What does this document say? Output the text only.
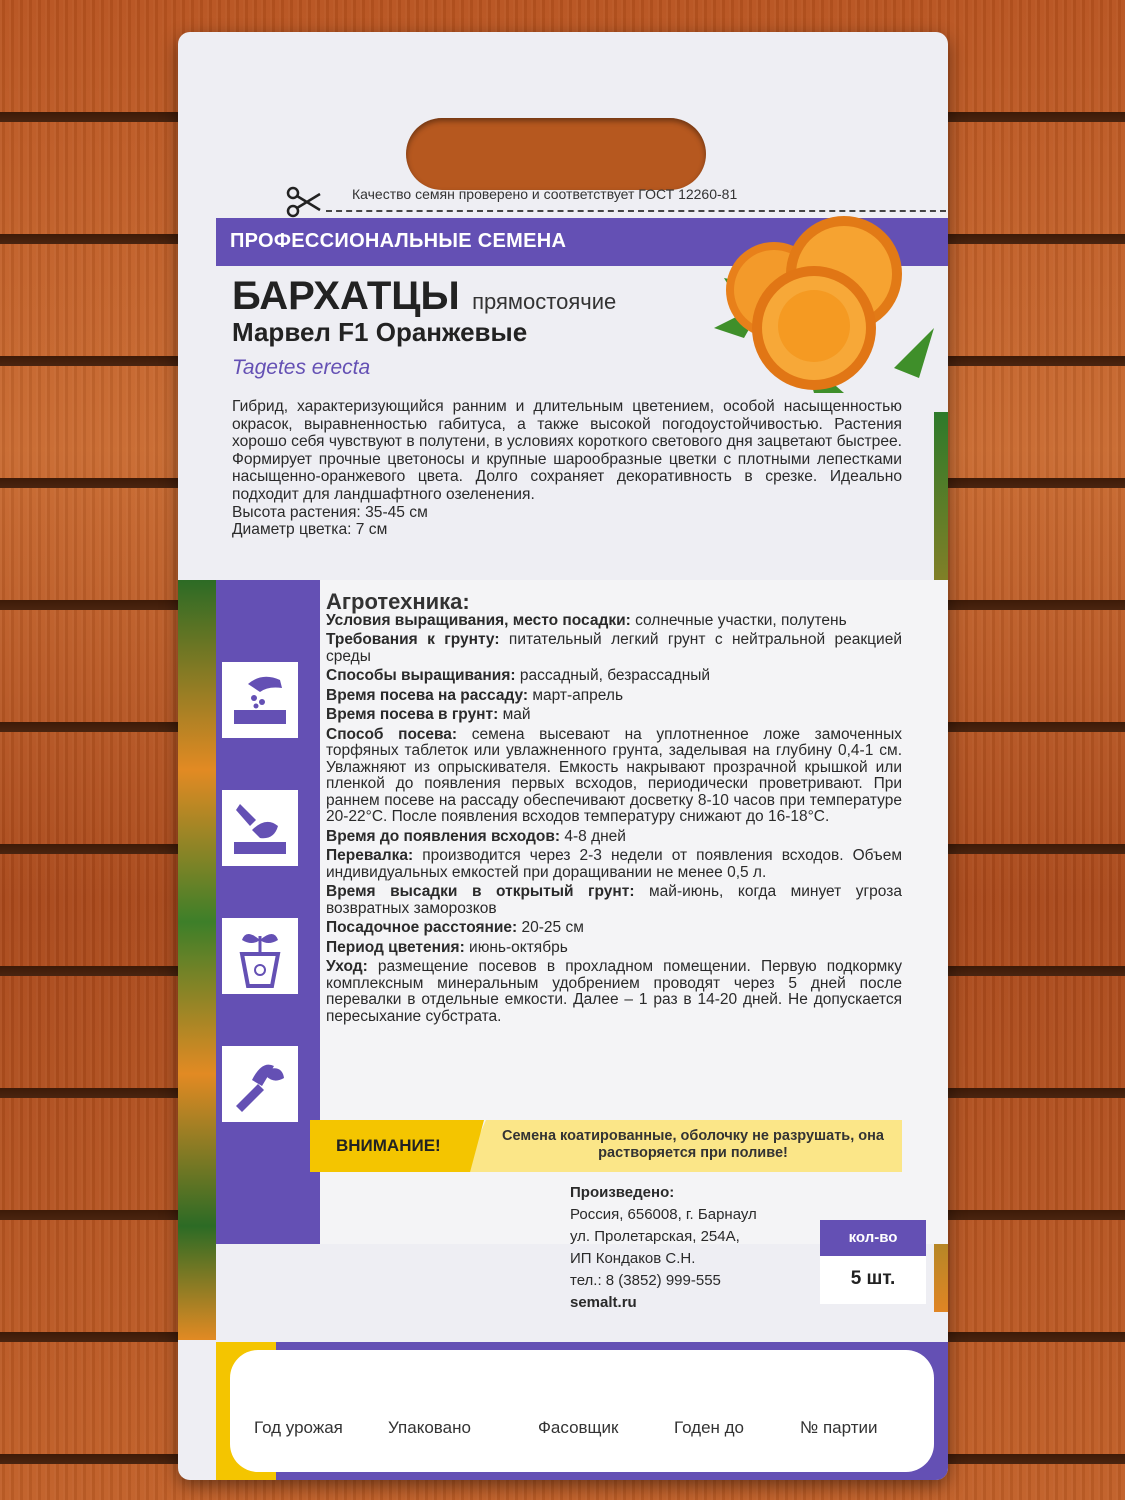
Качество семян проверено и соответствует ГОСТ 12260-81
ПРОФЕССИОНАЛЬНЫЕ СЕМЕНА
БАРХАТЦЫ прямостоячие
Марвел F1 Оранжевые
Tagetes erecta

Гибрид, характеризующийся ранним и длительным цветением, особой насыщенностью окрасок, выравненностью габитуса, а также высокой погодоустойчивостью. Растения хорошо себя чувствуют в полутени, в условиях короткого светового дня зацветают быстрее. Формирует прочные цветоносы и крупные шарообразные цветки с плотными лепестками насыщенно-оранжевого цвета. Долго сохраняет декоративность в срезке. Идеально подходит для ландшафтного озеленения.

Высота растения: 35-45 см

Диаметр цветка: 7 см

Агротехника:
Условия выращивания, место посадки: солнечные участки, полутень
Требования к грунту: питательный легкий грунт с нейтральной реакцией среды
Способы выращивания: рассадный, безрассадный
Время посева на рассаду: март-апрель
Время посева в грунт: май
Способ посева: семена высевают на уплотненное ложе замоченных торфяных таблеток или увлажненного грунта, заделывая на глубину 0,4-1 см. Увлажняют из опрыскивателя. Емкость накрывают прозрачной крышкой или пленкой до появления первых всходов, периодически проветривают. При раннем посеве на рассаду обеспечивают досветку 8-10 часов при температуре 20-22°С. После появления всходов температуру снижают до 16-18°С.
Время до появления всходов: 4-8 дней
Перевалка: производится через 2-3 недели от появления всходов. Объем индивидуальных емкостей при доращивании не менее 0,5 л.
Время высадки в открытый грунт: май-июнь, когда минует угроза возвратных заморозков
Посадочное расстояние: 20-25 см
Период цветения: июнь-октябрь
Уход: размещение посевов в прохладном помещении. Первую подкормку комплексным минеральным удобрением проводят через 5 дней после перевалки в отдельные емкости. Далее – 1 раз в 14-20 дней. Не допускается пересыхание субстрата.
ВНИМАНИЕ!	Семена коатированные, оболочку не разрушать, она растворяется при поливе!
Произведено:
Россия, 656008, г. Барнаул
ул. Пролетарская, 254А,
ИП Кондаков С.Н.
тел.: 8 (3852) 999-555
semalt.ru
кол-во
5 шт.
Год урожая	Упаковано	Фасовщик	Годен до	№ партии
